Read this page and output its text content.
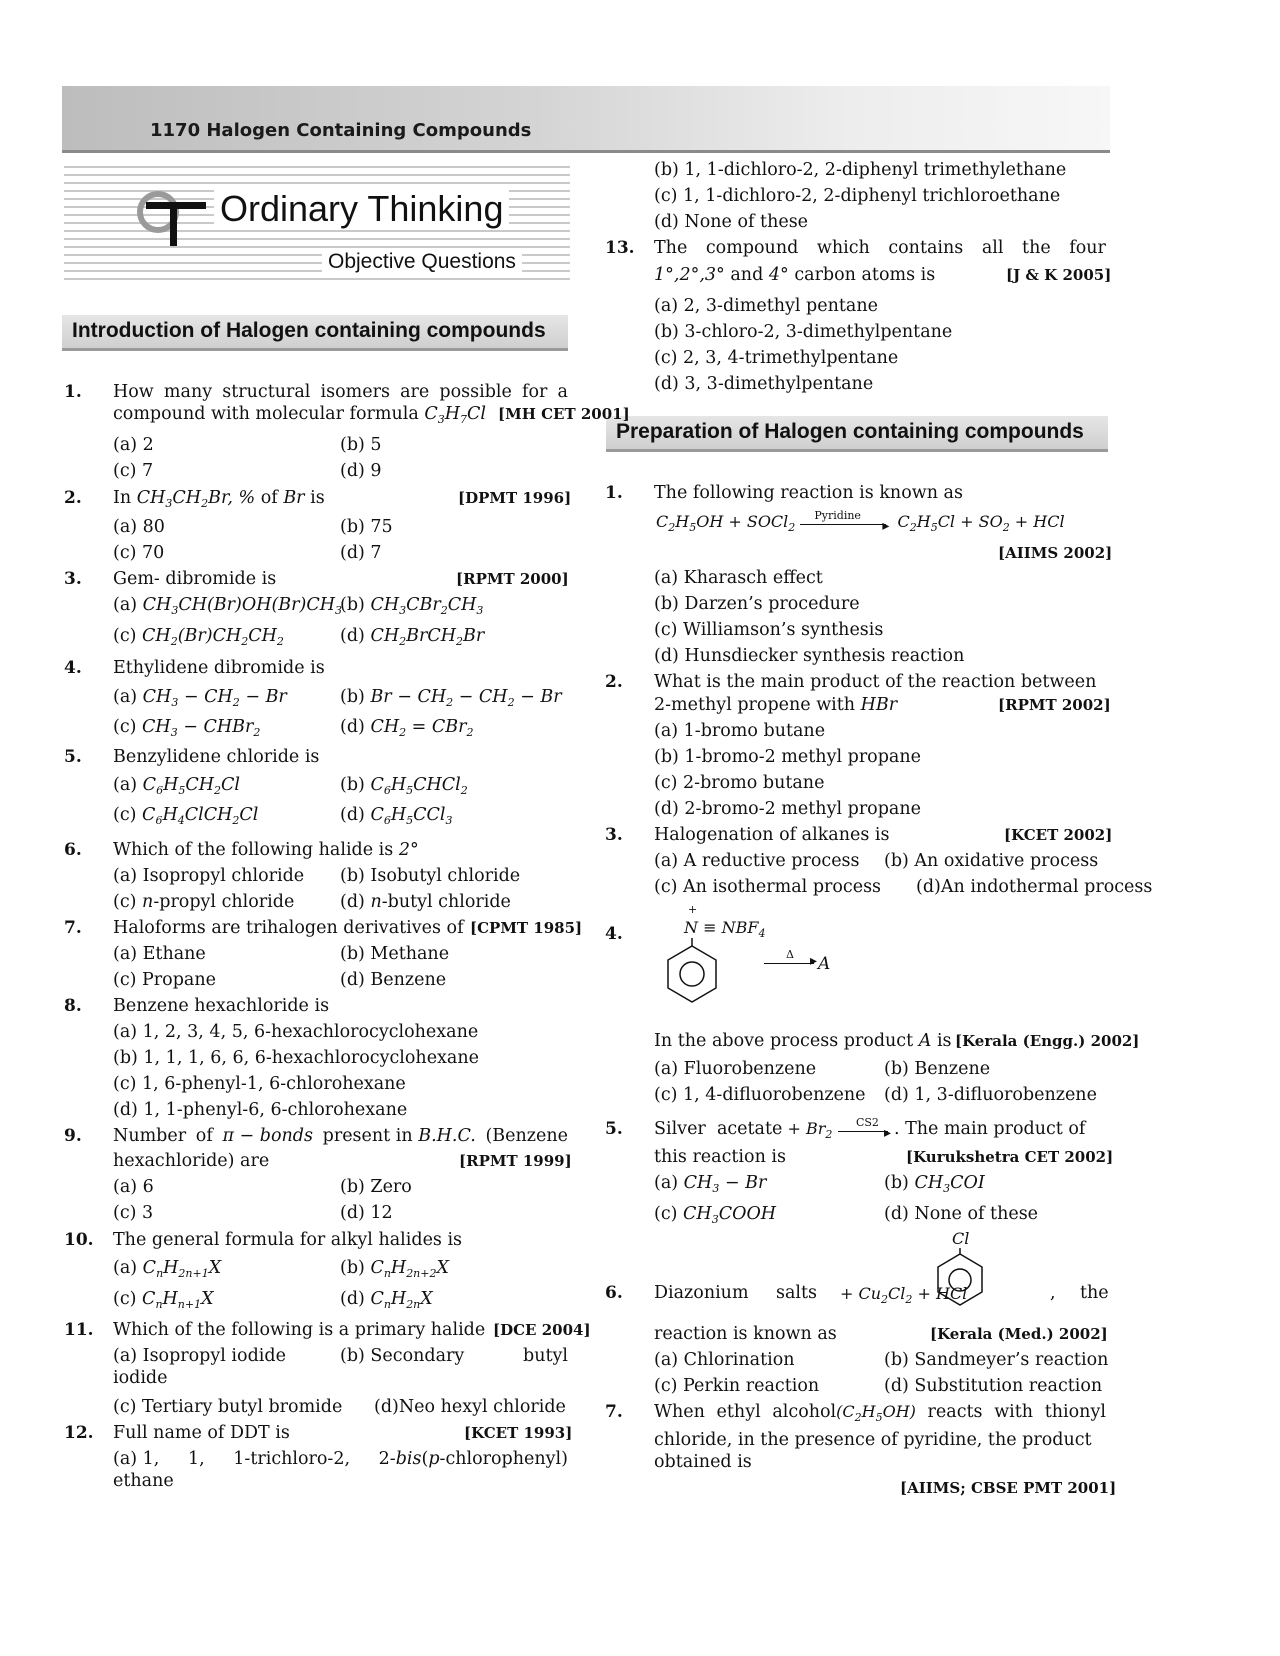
1170 Halogen Containing Compounds
Ordinary Thinking
Objective Questions
Introduction of Halogen containing compounds
Preparation of Halogen containing compounds
1. How many structural isomers are possible for a
compound with molecular formula $C_3H_7Cl$ [MH CET 2001]
(a) 2	(b) 5
(c) 7	(d) 9
2. In $CH_3CH_2Br$, % of Br is	[DPMT 1996]
(a) 80	(b) 75
(c) 70	(d) 7
3. Gem- dibromide is	[RPMT 2000]
(a) $CH_3CH(Br)OH(Br)CH_3$
(b) $CH_3CBr_2CH_3$
(c) $CH_2(Br)CH_2CH_2$	(d) $CH_2BrCH_2Br$
4. Ethylidene dibromide is
(a) $CH_3 - CH_2 - Br$	(b) $Br - CH_2 - CH_2 - Br$
(c) $CH_3$ − CHBr$_2$	(d) $CH_2 = CBr_2$
5. Benzylidene chloride is
(a) $C_6H_5CH_2Cl$	(b) $C_6H_5CHCl_2$
(c) $C_6H_4ClCH_2Cl$	(d) $C_6H_5CCl_3$
6. Which of the following halide is 2°
(a) Isopropyl chloride (b) Isobutyl chloride
(c) n-propyl chloride	(d) n-butyl chloride
7. Haloforms are trihalogen derivatives of [CPMT 1985]
(a) Ethane	(b) Methane
(c) Propane	(d) Benzene
8. Benzene hexachloride is
(a) 1, 2, 3, 4, 5, 6-hexachlorocyclohexane
(b) 1, 1, 1, 6, 6, 6-hexachlorocyclohexane
(c) 1, 6-phenyl-1, 6-chlorohexane
(d) 1, 1-phenyl-6, 6-chlorohexane
9. Number of π − bonds present in B.H.C. (Benzene
hexachloride) are	[RPMT 1999]
(a) 6	(b) Zero
(c) 3	(d) 12
10. The general formula for alkyl halides is
(a) $C_nH_{2n+1}X$	(b) $C_nH_{2n+2}X$
(c) $C_nH_{n+1}X$	(d) $C_nH_{2n}X$
11. Which of the following is a primary halide [DCE 2004]
(a) Isopropyl iodide	(b) Secondary	butyl
iodide
(c) Tertiary butyl bromide (d)Neo hexyl chloride
12. Full name of DDT is	[KCET 1993]
(a) 1, 1, 1-trichloro-2, 2-bis(p-chlorophenyl)
ethane
(b) 1, 1-dichloro-2, 2-diphenyl trimethylethane
(c) 1, 1-dichloro-2, 2-diphenyl trichloroethane
(d) None of these
13. The compound which contains all the four
1°,2°,3° and 4° carbon atoms is	[J & K 2005]
(a) 2, 3-dimethyl pentane
(b) 3-chloro-2, 3-dimethylpentane
(c) 2, 3, 4-trimethylpentane
(d) 3, 3-dimethylpentane
1. The following reaction is known as
$C_2H_5OH$ + SOCl$_2$
Pyridine
▸ $C_2H_5Cl + SO_2$ + HCl
[AIIMS 2002]
(a) Kharasch effect
(b) Darzen’s procedure
(c) Williamson’s synthesis
(d) Hunsdiecker synthesis reaction
2. What is the main product of the reaction between
2-methyl propene with HBr	[RPMT 2002]
(a) 1-bromo butane
(b) 1-bromo-2 methyl propane
(c) 2-bromo butane
(d) 2-bromo-2 methyl propane
3. Halogenation of alkanes is	[KCET 2002]
(a) A reductive process (b) An oxidative process
(c) An isothermal process (d)An indothermal process
4.
+
$N \equiv NBF_4$
Δ ▸ A
In the above process product A is [Kerala (Engg.) 2002]
(a) Fluorobenzene	(b) Benzene
(c) 1, 4-difluorobenzene (d) 1, 3-difluorobenzene
5. Silver acetate + $Br_2$
CS2
▸ . The main product of
this reaction is	[Kurukshetra CET 2002]
(a) $CH_3 - Br$	(b) $CH_3COI$
(c) $CH_3COOH$	(d) None of these
Cl
6. Diazonium salts + $Cu_2Cl_2$ + HCl	, the
reaction is known as	[Kerala (Med.) 2002]
(a) Chlorination	(b) Sandmeyer’s reaction
(c) Perkin reaction	(d) Substitution reaction
7. When ethyl $alcohol(C_2H_5OH)$ reacts with thionyl
chloride, in the presence of pyridine, the product
obtained is
[AIIMS; CBSE PMT 2001]
